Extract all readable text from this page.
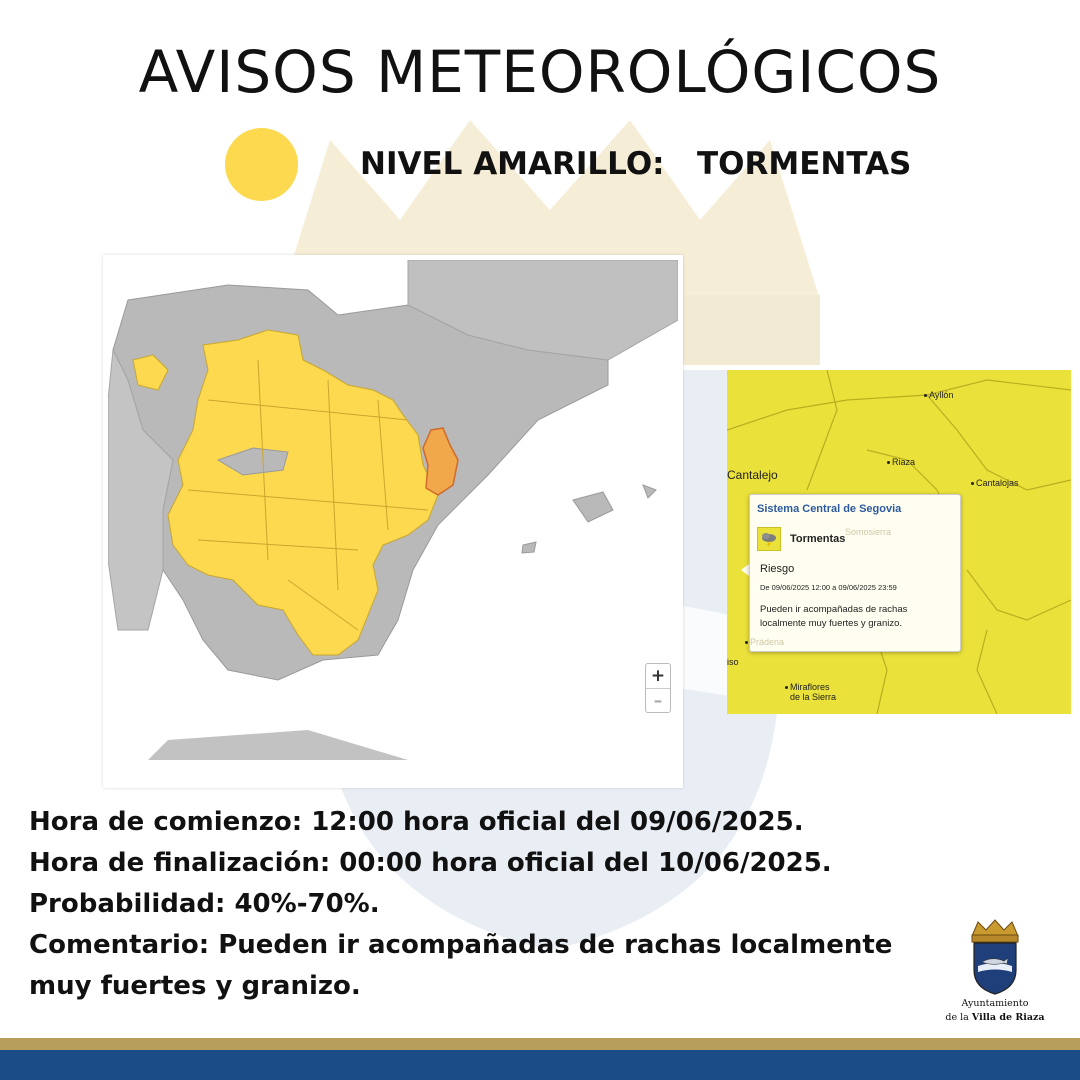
AVISOS METEOROLÓGICOS
NIVEL AMARILLO: TORMENTAS
+
–
≋ aemet
Ayllón
Riaza
Cantalojas
Cantalejo
iso
Miraflores
de la Sierra
Sistema Central de Segovia
Tormentas
Riesgo
De 09/06/2025 12:00 a 09/06/2025 23:59
Pueden ir acompañadas de rachas localmente muy fuertes y granizo.
Somosierra
Prádena
Hora de comienzo: 12:00 hora oficial del 09/06/2025.
Hora de finalización: 00:00 hora oficial del 10/06/2025.
Probabilidad: 40%-70%.
Comentario: Pueden ir acompañadas de rachas localmente
muy fuertes y granizo.
Ayuntamiento
de la Villa de Riaza
